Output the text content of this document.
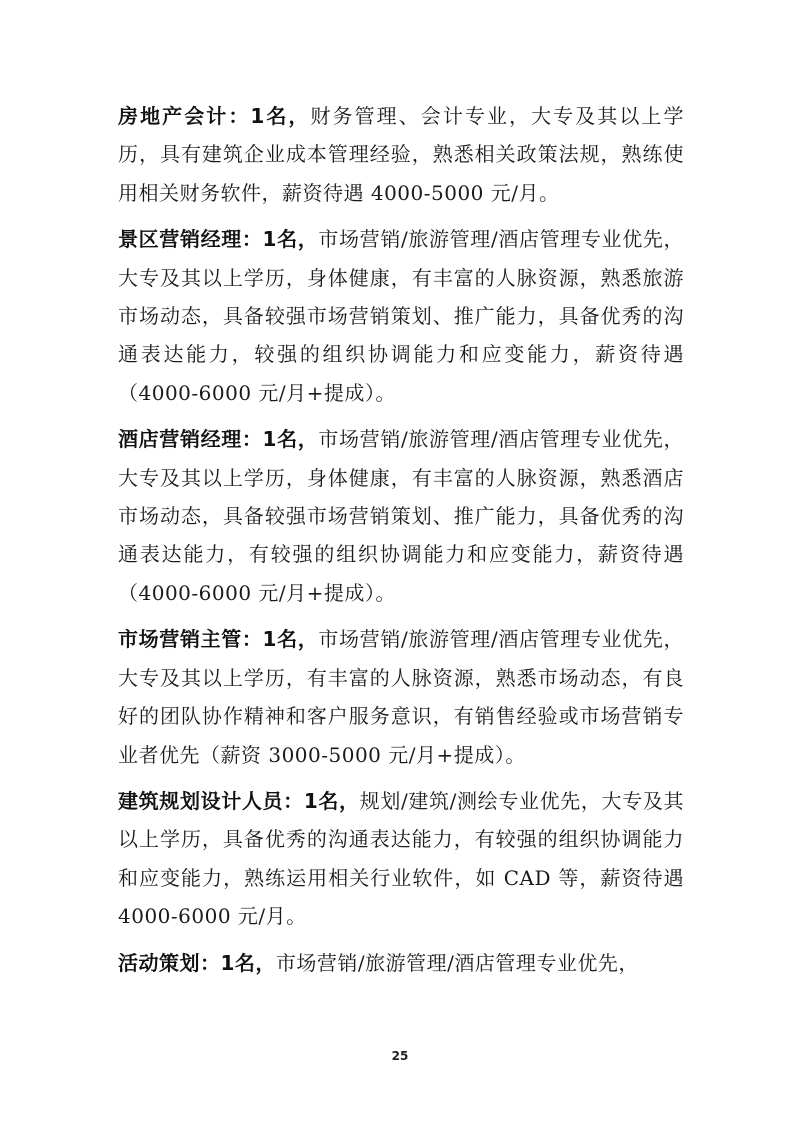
房地产会计：1名，财务管理、会计专业，大专及其以上学历，具有建筑企业成本管理经验，熟悉相关政策法规，熟练使用相关财务软件，薪资待遇 4000-5000 元/月。

景区营销经理：1名，市场营销/旅游管理/酒店管理专业优先，大专及其以上学历，身体健康，有丰富的人脉资源，熟悉旅游市场动态，具备较强市场营销策划、推广能力，具备优秀的沟通表达能力，较强的组织协调能力和应变能力，薪资待遇（4000-6000 元/月+提成）。

酒店营销经理：1名，市场营销/旅游管理/酒店管理专业优先，大专及其以上学历，身体健康，有丰富的人脉资源，熟悉酒店市场动态，具备较强市场营销策划、推广能力，具备优秀的沟通表达能力，有较强的组织协调能力和应变能力，薪资待遇（4000-6000 元/月+提成）。

市场营销主管：1名，市场营销/旅游管理/酒店管理专业优先，大专及其以上学历，有丰富的人脉资源，熟悉市场动态，有良好的团队协作精神和客户服务意识，有销售经验或市场营销专业者优先（薪资 3000-5000 元/月+提成）。

建筑规划设计人员：1名，规划/建筑/测绘专业优先，大专及其以上学历，具备优秀的沟通表达能力，有较强的组织协调能力和应变能力，熟练运用相关行业软件，如 CAD 等，薪资待遇 4000-6000 元/月。

活动策划：1名，市场营销/旅游管理/酒店管理专业优先，

25
